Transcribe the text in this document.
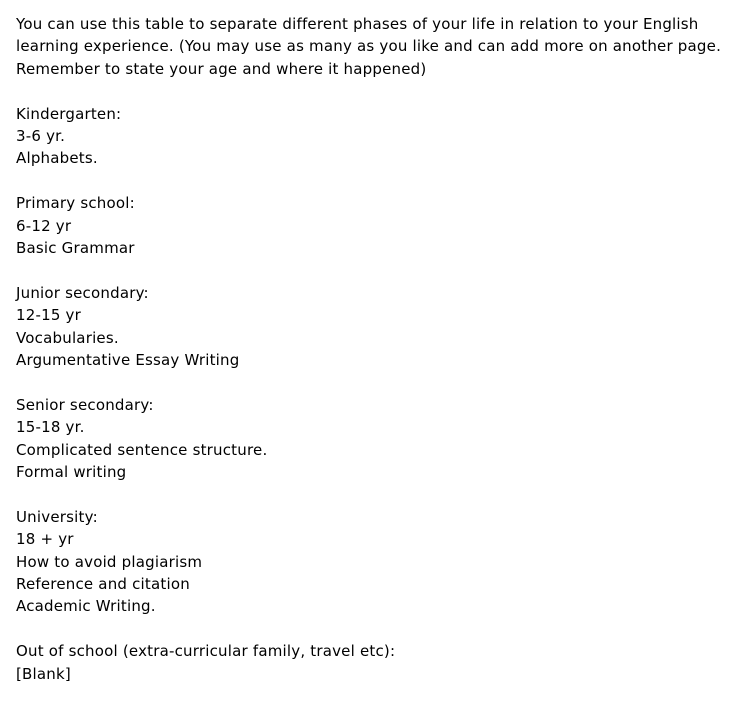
You can use this table to separate different phases of your life in relation to your English learning experience. (You may use as many as you like and can add more on another page. Remember to state your age and where it happened)

Kindergarten:
3-6 yr.
Alphabets.
Primary school:
6-12 yr
Basic Grammar
Junior secondary:
12-15 yr
Vocabularies.
Argumentative Essay Writing
Senior secondary:
15-18 yr.
Complicated sentence structure.
Formal writing
University:
18 + yr
How to avoid plagiarism
Reference and citation
Academic Writing.
Out of school (extra-curricular family, travel etc):
[Blank]
